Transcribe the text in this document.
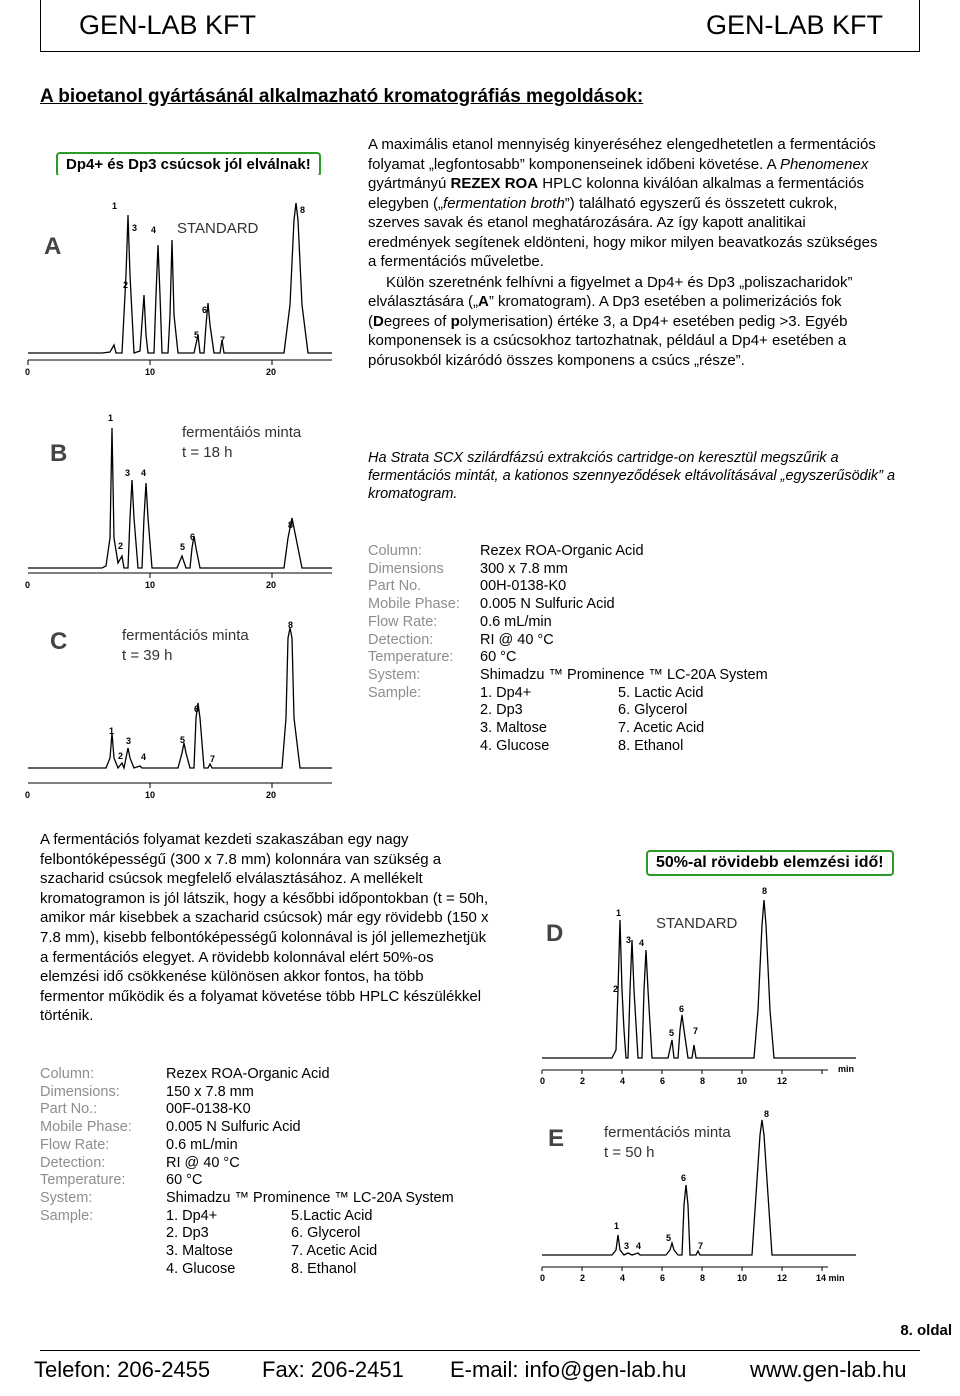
GEN-LAB KFT	GEN-LAB KFT
A bioetanol gyártásánál alkalmazható kromatográfiás megoldások:
Dp4+ és Dp3 csúcsok jól elválnak!
A
STANDARD
1
2
3 4
5
6
7
8
0	10	20
B
fermentáiós minta
t = 18 h
1
2
3 4
5
6
8
0	10	20
C	fermentációs minta
t = 39 h
1
2
3
4
5
6
7
8
0	10	20

A maximális etanol mennyiség kinyeréséhez elengedhetetlen a fermentációs folyamat „legfontosabb” komponenseinek időbeni követése. A Phenomenex gyártmányú REZEX ROA HPLC kolonna kiválóan alkalmas a fermentációs elegyben („fermentation broth”) található egyszerű és összetett cukrok, szerves savak és etanol meghatározására. Az így kapott analitikai eredmények segítenek eldönteni, hogy mikor milyen beavatkozás szükséges a fermentációs műveletbe.

Külön szeretnénk felhívni a figyelmet a Dp4+ és Dp3 „poliszacharidok” elválasztására („A” kromatogram). A Dp3 esetében a polimerizációs fok (Degrees of polymerisation) értéke 3, a Dp4+ esetében pedig >3. Egyéb komponensek is a csúcsokhoz tartozhatnak, például a Dp4+ esetében a pórusokból kizáródó összes komponens a csúcs „része”.

Ha Strata SCX szilárdfázsú extrakciós cartridge-on keresztül megszűrik a fermentációs mintát, a kationos szennyeződések eltávolításával „egyszerűsödik” a kromatogram.
Column:	Rezex ROA-Organic Acid
Dimensions	300 x 7.8 mm
Part No.	00H-0138-K0
Mobile Phase:	0.005 N Sulfuric Acid
Flow Rate:	0.6 mL/min
Detection:	RI @ 40 °C
Temperature:	60 °C
System:	Shimadzu ™ Prominence ™ LC-20A System
Sample:	1. Dp4+	5. Lactic Acid
2. Dp3	6. Glycerol
3. Maltose	7. Acetic Acid
4. Glucose	8. Ethanol
A fermentációs folyamat kezdeti szakaszában egy nagy felbontóképességű (300 x 7.8 mm) kolonnára van szükség a szacharid csúcsok megfelelő elválasztásához. A mellékelt kromatogramon is jól látszik, hogy a későbbi időpontokban (t = 50h, amikor már kisebbek a szacharid csúcsok) már egy rövidebb (150 x 7.8 mm), kisebb felbontóképességű kolonnával is jól jellemezhetjük a fermentációs elegyet. A rövidebb kolonnával elért 50%-os elemzési idő csökkenése különösen akkor fontos, ha több fermentor működik és a folyamat követése több HPLC készülékkel történik.
Column:	Rezex ROA-Organic Acid
Dimensions:	150 x 7.8 mm
Part No.:	00F-0138-K0
Mobile Phase:	0.005 N Sulfuric Acid
Flow Rate:	0.6 mL/min
Detection:	RI @ 40 °C
Temperature:	60 °C
System:	Shimadzu ™ Prominence ™ LC-20A System
Sample:	1. Dp4+	5.Lactic Acid
2. Dp3	6. Glycerol
3. Maltose	7. Acetic Acid
4. Glucose	8. Ethanol
50%-al rövidebb elemzési idő!
D	STANDARD
1
2
3 4
5
6
7
8
0	2	4	6	8	10	12
min
E	fermentációs minta
t = 50 h
1
3 4
5
6
7
8
0	2	4	6	8	10	12	14 min
8. oldal
Telefon: 206-2455 Fax: 206-2451 E-mail: info@gen-lab.hu	www.gen-lab.hu
